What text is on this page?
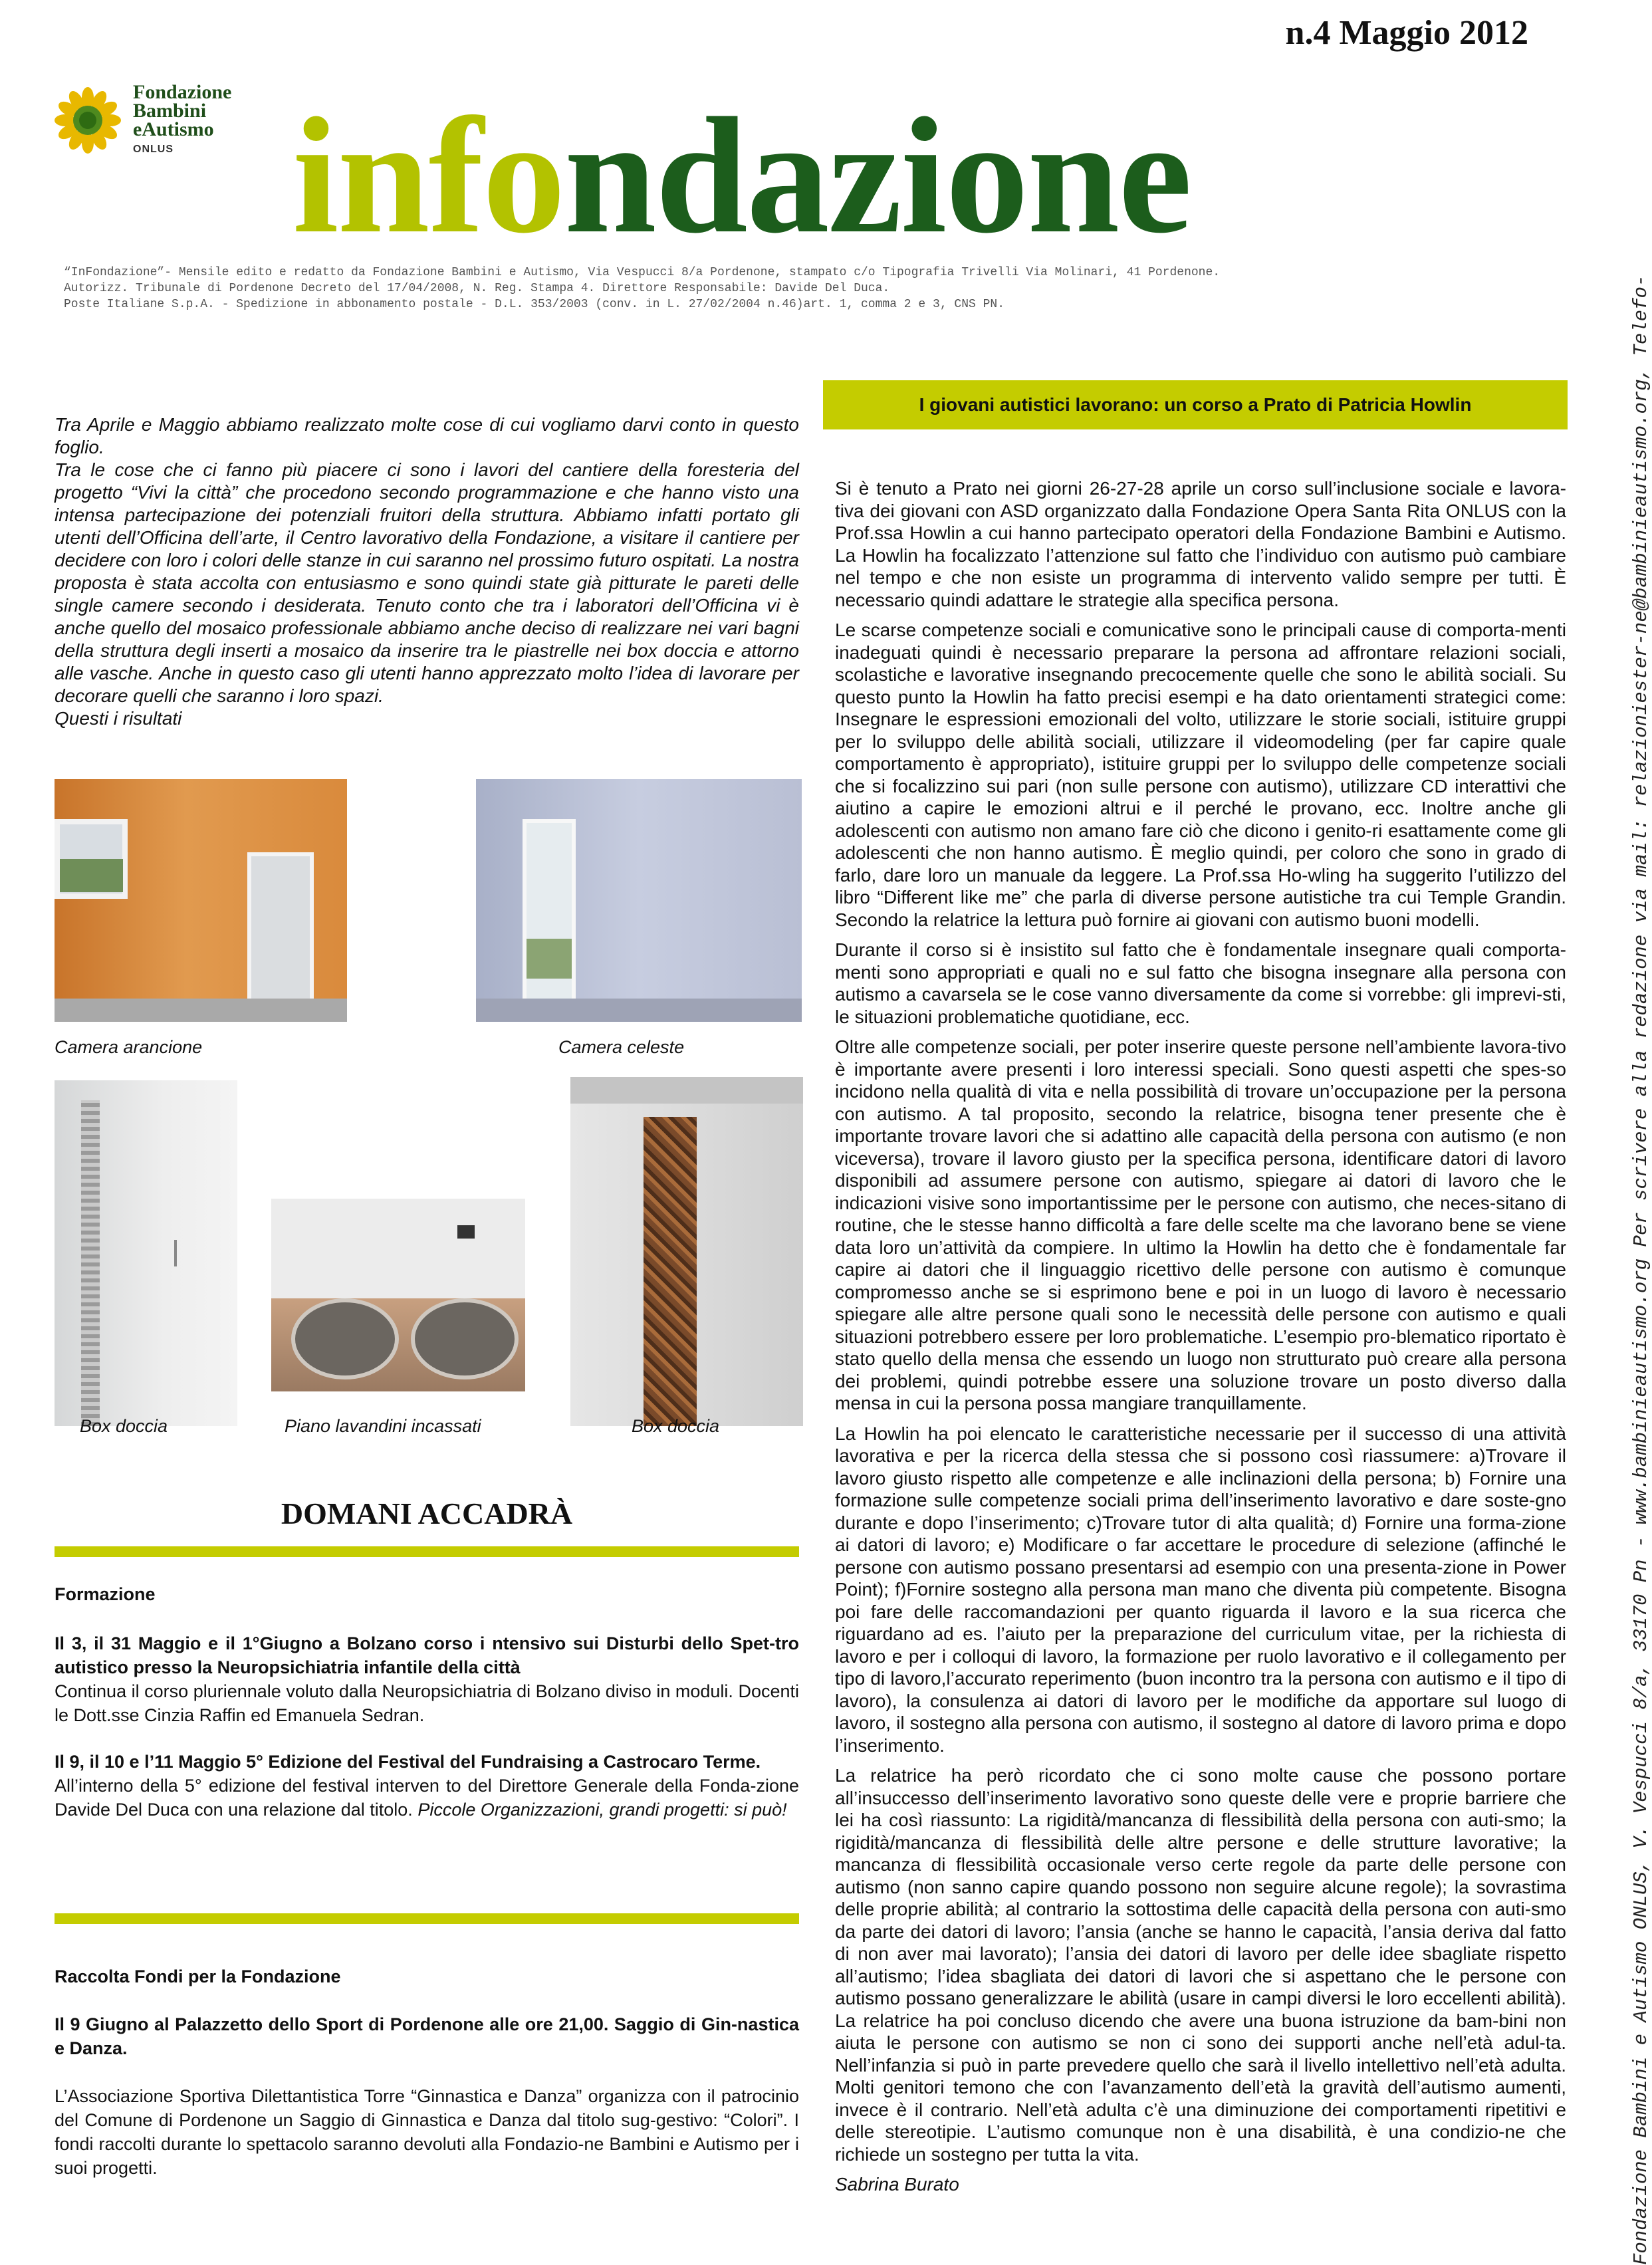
n.4 Maggio 2012
Fondazione Bambini e Autismo ONLUS, V. Vespucci 8/a, 33170 Pn - www.bambinieautismo.org Per scrivere alla redazione via mail: relazioniester-ne@bambinieautismo.org, Telefo-
Fondazione
Bambini
eAutismo
ONLUS infondazione
“InFondazione”- Mensile edito e redatto da Fondazione Bambini e Autismo, Via Vespucci 8/a Pordenone, stampato c/o Tipografia Trivelli Via Molinari, 41 Pordenone.
Autorizz. Tribunale di Pordenone Decreto del 17/04/2008, N. Reg. Stampa 4. Direttore Responsabile: Davide Del Duca.
Poste Italiane S.p.A. - Spedizione in abbonamento postale - D.L. 353/2003 (conv. in L. 27/02/2004 n.46)art. 1, comma 2 e 3, CNS PN.

Tra Aprile e Maggio abbiamo realizzato molte cose di cui vogliamo darvi conto in questo foglio.

Tra le cose che ci fanno più piacere ci sono i lavori del cantiere della foresteria del progetto “Vivi la città” che procedono secondo programmazione e che hanno visto una intensa partecipazione dei potenziali fruitori della struttura. Abbiamo infatti portato gli utenti dell’Officina dell’arte, il Centro lavorativo della Fondazione, a visitare il cantiere per decidere con loro i colori delle stanze in cui saranno nel prossimo futuro ospitati. La nostra proposta è stata accolta con entusiasmo e sono quindi state già pitturate le pareti delle single camere secondo i desiderata. Tenuto conto che tra i laboratori dell’Officina vi è anche quello del mosaico professionale abbiamo anche deciso di realizzare nei vari bagni della struttura degli inserti a mosaico da inserire tra le piastrelle nei box doccia e attorno alle vasche. Anche in questo caso gli utenti hanno apprezzato molto l’idea di lavorare per decorare quelli che saranno i loro spazi.

Questi i risultati

Camera arancione	Camera celeste
Box doccia	Piano lavandini incassati	Box doccia
DOMANI ACCADRÀ

Formazione

Il 3, il 31 Maggio e il 1°Giugno a Bolzano corso i ntensivo sui Disturbi dello Spet-tro autistico presso la Neuropsichiatria infantile della città

Continua il corso pluriennale voluto dalla Neuropsichiatria di Bolzano diviso in moduli. Docenti le Dott.sse Cinzia Raffin ed Emanuela Sedran.

Il 9, il 10 e l’11 Maggio 5° Edizione del Festival del Fundraising a Castrocaro Terme.

All’interno della 5° edizione del festival interven to del Direttore Generale della Fonda-zione Davide Del Duca con una relazione dal titolo. Piccole Organizzazioni, grandi progetti: si può!

Raccolta Fondi per la Fondazione

Il 9 Giugno al Palazzetto dello Sport di Pordenone alle ore 21,00. Saggio di Gin-nastica e Danza.

L’Associazione Sportiva Dilettantistica Torre “Ginnastica e Danza” organizza con il patrocinio del Comune di Pordenone un Saggio di Ginnastica e Danza dal titolo sug-gestivo: “Colori”. I fondi raccolti durante lo spettacolo saranno devoluti alla Fondazio-ne Bambini e Autismo per i suoi progetti.

I giovani autistici lavorano: un corso a Prato di Patricia Howlin

Si è tenuto a Prato nei giorni 26-27-28 aprile un corso sull’inclusione sociale e lavora-tiva dei giovani con ASD organizzato dalla Fondazione Opera Santa Rita ONLUS con la Prof.ssa Howlin a cui hanno partecipato operatori della Fondazione Bambini e Autismo. La Howlin ha focalizzato l’attenzione sul fatto che l’individuo con autismo può cambiare nel tempo e che non esiste un programma di intervento valido sempre per tutti. È necessario quindi adattare le strategie alla specifica persona.

Le scarse competenze sociali e comunicative sono le principali cause di comporta-menti inadeguati quindi è necessario preparare la persona ad affrontare relazioni sociali, scolastiche e lavorative insegnando precocemente quelle che sono le abilità sociali. Su questo punto la Howlin ha fatto precisi esempi e ha dato orientamenti strategici come: Insegnare le espressioni emozionali del volto, utilizzare le storie sociali, istituire gruppi per lo sviluppo delle abilità sociali, utilizzare il videomodeling (per far capire quale comportamento è appropriato), istituire gruppi per lo sviluppo delle competenze sociali che si focalizzino sui pari (non sulle persone con autismo), utilizzare CD interattivi che aiutino a capire le emozioni altrui e il perché le provano, ecc. Inoltre anche gli adolescenti con autismo non amano fare ciò che dicono i genito-ri esattamente come gli adolescenti che non hanno autismo. È meglio quindi, per coloro che sono in grado di farlo, dare loro un manuale da leggere. La Prof.ssa Ho-wling ha suggerito l’utilizzo del libro “Different like me” che parla di diverse persone autistiche tra cui Temple Grandin. Secondo la relatrice la lettura può fornire ai giovani con autismo buoni modelli.

Durante il corso si è insistito sul fatto che è fondamentale insegnare quali comporta-menti sono appropriati e quali no e sul fatto che bisogna insegnare alla persona con autismo a cavarsela se le cose vanno diversamente da come si vorrebbe: gli imprevi-sti, le situazioni problematiche quotidiane, ecc.

Oltre alle competenze sociali, per poter inserire queste persone nell’ambiente lavora-tivo è importante avere presenti i loro interessi speciali. Sono questi aspetti che spes-so incidono nella qualità di vita e nella possibilità di trovare un’occupazione per la persona con autismo. A tal proposito, secondo la relatrice, bisogna tener presente che è importante trovare lavori che si adattino alle capacità della persona con autismo (e non viceversa), trovare il lavoro giusto per la specifica persona, identificare datori di lavoro disponibili ad assumere persone con autismo, spiegare ai datori di lavoro che le indicazioni visive sono importantissime per le persone con autismo, che neces-sitano di routine, che le stesse hanno difficoltà a fare delle scelte ma che lavorano bene se viene data loro un’attività da compiere. In ultimo la Howlin ha detto che è fondamentale far capire ai datori che il linguaggio ricettivo delle persone con autismo è comunque compromesso anche se si esprimono bene e poi in un luogo di lavoro è necessario spiegare alle altre persone quali sono le necessità delle persone con autismo e quali situazioni potrebbero essere per loro problematiche. L’esempio pro-blematico riportato è stato quello della mensa che essendo un luogo non strutturato può creare alla persona dei problemi, quindi potrebbe essere una soluzione trovare un posto diverso dalla mensa in cui la persona possa mangiare tranquillamente.

La Howlin ha poi elencato le caratteristiche necessarie per il successo di una attività lavorativa e per la ricerca della stessa che si possono così riassumere: a)Trovare il lavoro giusto rispetto alle competenze e alle inclinazioni della persona; b) Fornire una formazione sulle competenze sociali prima dell’inserimento lavorativo e dare soste-gno durante e dopo l’inserimento; c)Trovare tutor di alta qualità; d) Fornire una forma-zione ai datori di lavoro; e) Modificare o far accettare le procedure di selezione (affinché le persone con autismo possano presentarsi ad esempio con una presenta-zione in Power Point); f)Fornire sostegno alla persona man mano che diventa più competente. Bisogna poi fare delle raccomandazioni per quanto riguarda il lavoro e la sua ricerca che riguardano ad es. l’aiuto per la preparazione del curriculum vitae, per la richiesta di lavoro e per i colloqui di lavoro, la formazione per ruolo lavorativo e il collegamento per tipo di lavoro,l’accurato reperimento (buon incontro tra la persona con autismo e il tipo di lavoro), la consulenza ai datori di lavoro per le modifiche da apportare sul luogo di lavoro, il sostegno alla persona con autismo, il sostegno al datore di lavoro prima e dopo l’inserimento.

La relatrice ha però ricordato che ci sono molte cause che possono portare all’insuccesso dell’inserimento lavorativo sono queste delle vere e proprie barriere che lei ha così riassunto: La rigidità/mancanza di flessibilità della persona con auti-smo; la rigidità/mancanza di flessibilità delle altre persone e delle strutture lavorative; la mancanza di flessibilità occasionale verso certe regole da parte delle persone con autismo (non sanno capire quando possono non seguire alcune regole); la sovrastima delle proprie abilità; al contrario la sottostima delle capacità della persona con auti-smo da parte dei datori di lavoro; l’ansia (anche se hanno le capacità, l’ansia deriva dal fatto di non aver mai lavorato); l’ansia dei datori di lavoro per delle idee sbagliate rispetto all’autismo; l’idea sbagliata dei datori di lavori che si aspettano che le persone con autismo possano generalizzare le abilità (usare in campi diversi le loro eccellenti abilità). La relatrice ha poi concluso dicendo che avere una buona istruzione da bam-bini non aiuta le persone con autismo se non ci sono dei supporti anche nell’età adul-ta. Nell’infanzia si può in parte prevedere quello che sarà il livello intellettivo nell’età adulta. Molti genitori temono che con l’avanzamento dell’età la gravità dell’autismo aumenti, invece è il contrario. Nell’età adulta c’è una diminuzione dei comportamenti ripetitivi e delle stereotipie. L’autismo comunque non è una disabilità, è una condizio-ne che richiede un sostegno per tutta la vita.

Sabrina Burato
